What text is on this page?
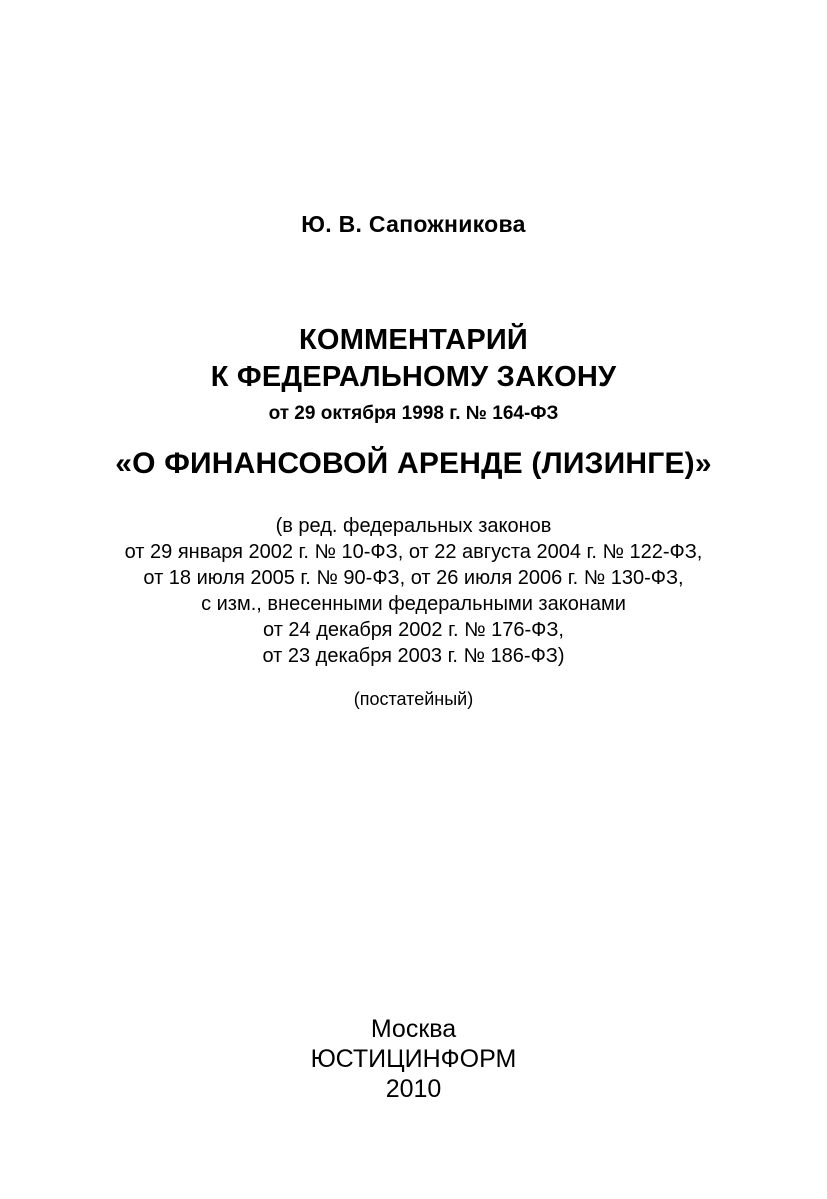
Ю. В. Сапожникова
КОММЕНТАРИЙ
К ФЕДЕРАЛЬНОМУ ЗАКОНУ
от 29 октября 1998 г. № 164-ФЗ
«О ФИНАНСОВОЙ АРЕНДЕ (ЛИЗИНГЕ)»
(в ред. федеральных законов
от 29 января 2002 г. № 10-ФЗ, от 22 августа 2004 г. № 122-ФЗ,
от 18 июля 2005 г. № 90-ФЗ, от 26 июля 2006 г. № 130-ФЗ,
с изм., внесенными федеральными законами
от 24 декабря 2002 г. № 176-ФЗ,
от 23 декабря 2003 г. № 186-ФЗ)
(постатейный)
Москва
ЮСТИЦИНФОРМ
2010
